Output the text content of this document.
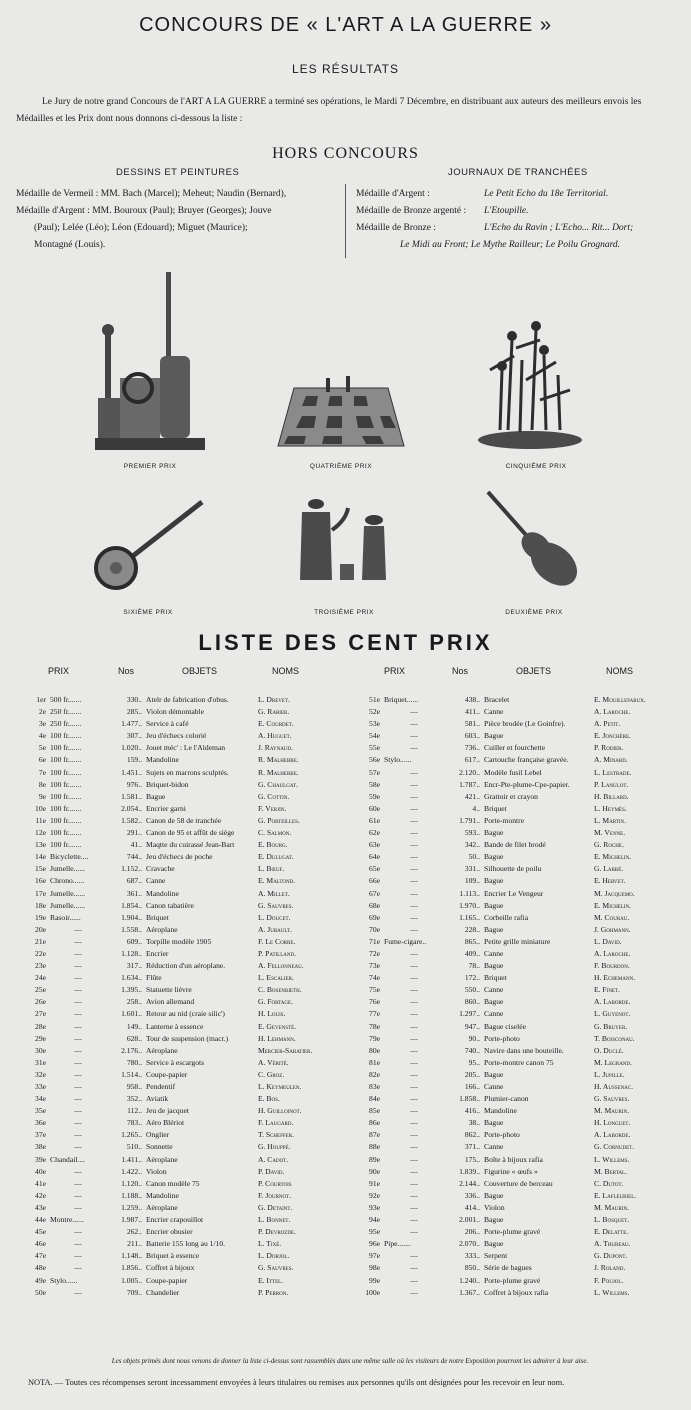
CONCOURS DE « L'ART A LA GUERRE »
LES RÉSULTATS
Le Jury de notre grand Concours de l'ART A LA GUERRE a terminé ses opérations, le Mardi 7 Décembre, en distribuant aux auteurs des meilleurs envois les Médailles et les Prix dont nous donnons ci-dessous la liste :
HORS CONCOURS
DESSINS ET PEINTURES
Médaille de Vermeil : MM. Bach (Marcel); Meheut; Naudin (Bernard),
Médaille d'Argent : MM. Bouroux (Paul); Bruyer (Georges); Jouve
(Paul); Lelée (Léo); Léon (Edouard); Miguet (Maurice);
Montagné (Louis).
JOURNAUX DE TRANCHÉES
Médaille d'Argent :	Le Petit Echo du 18e Territorial.
Médaille de Bronze argenté :	L'Etoupille.
Médaille de Bronze :	L'Echo du Ravin ; L'Echo... Rit... Dort;
Le Midi au Front; Le Mythe Railleur; Le Poilu Grognard.
PREMIER PRIX	QUATRIÈME PRIX	CINQUIÈME PRIX
SIXIÈME PRIX	TROISIÈME PRIX	DEUXIÈME PRIX
LISTE DES CENT PRIX
PRIX	Nos	OBJETS	NOMS	PRIX	Nos	OBJETS	NOMS
1er 500 fr.......	330.. Atelr de fabrication d'obus.	L. Drevet.
2e 250 fr.......	285.. Violon démontable	G. Rabier.
3e 250 fr.......	1.477.. Service à café	E. Courdet.
4e 100 fr.......	307.. Jeu d'échecs colorié	A. Huguet.
5e 100 fr.......	1.020.. Jouet méc' : Le l'Aldeman	J. Raynaud.
6e 100 fr.......	159.. Mandoline	R. Malherbe.
7e 100 fr.......	1.451.. Sujets en marrons sculptés.	R. Malherbe.
8e 100 fr.......	976.. Briquet-bidon	G. Chaulgat.
9e 100 fr.......	1.581.. Bague	G. Cottin.
10e 100 fr.......	2.054.. Encrier garni	F. Verjin.
11e 100 fr.......	1.582.. Canon de 58 de tranchée	G. Porteilles.
12e 100 fr.......	291.. Canon de 95 et affût de siège	C. Salmon.
13e 100 fr.......	41.. Maqtte du cuirassé Jean-Bart	E. Bourg.
14e Bicyclette....	744.. Jeu d'échecs de poche	E. Dulugat.
15e Jumelle......	1.152.. Cravache	L. Bœuf.
16e Chrono......	687.. Canne	E. Maltond.
17e Jumelle......	361.. Mandoline	A. Millet.
18e Jumelle......	1.854.. Canon tabatière	G. Sauvres.
19e Rasoir......	1.904.. Briquet	L. Doucet.
20e	—	1.558.. Aéroplane	A. Jubault.
21e	—	609.. Torpille modèle 1905	F. Le Corre.
22e	—	1.128.. Encrier	P. Patilland.
23e	—	317.. Réduction d'un aéroplane.	A. Fellonneau.
24e	—	1.634.. Flûte	L. Escalier.
25e	—	1.395.. Statuette lièvre	C. Bosenrieth.
26e	—	258.. Avion allemand	G. Fortage.
27e	—	1.601.. Retour au nid (craie silic')	H. Louis.
28e	—	149.. Lanterne à essence	E. Gevensté.
29e	—	628.. Tour de suspension (macr.)	H. Lehmann.
30e	—	2.176.. Aéroplane	Mercier-Sabatier.
31e	—	780.. Service à escargots	A. Vérité.
32e	—	1.514.. Coupe-papier	C. Groz.
33e	—	958.. Pendentif	L. Keymeulen.
34e	—	352.. Aviatik	E. Bos.
35e	—	112.. Jeu de jacquet	H. Guilloinot.
36e	—	783.. Aéro Blériot	F. Laugard.
37e	—	1.265.. Onglier	T. Scheffer.
38e	—	510.. Sonnette	G. Houppé.
39e Chandail....	1.411.. Aéroplane	A. Cadot.
40e	—	1.422.. Violon	P. David.
41e	—	1.120.. Canon modèle 75	P. Courtois
42e	—	1.188.. Mandoline	F. Journot.
43e	—	1.259.. Aéroplane	G. Detaint.
44e Montre......	1.987.. Encrier crapouillot	L. Bonnet.
45e	—	262.. Encrier obusier	P. Devrozde.
46e	—	211.. Batterie 155 long au 1/10.	L. Tixé.
47e	—	1.148.. Briquet à essence	L. Dorjol.
48e	—	1.856.. Coffret à bijoux	G. Sauvres.
49e Stylo......	1.005.. Coupe-papier	E. Ittel.
50e	—	709.. Chandelier	P. Perron.
51e Briquet......	438.. Bracelet	E. Mouillefarux.
52e	—	411.. Canne	A. Laroche.
53e	—	581.. Pièce brodée (Le Goinfre).	A. Petit.
54e	—	603.. Bague	E. Jonchère.
55e	—	736.. Cuiller et fourchette	P. Rodier.
56e Stylo......	617.. Cartouche française gravée.	A. Minard.
57e	—	2.120.. Modèle fusil Lebel	L. Lestrade.
58e	—	1.787.. Encr-Pte-plume-Cpe-papier.	P. Lanulot.
59e	—	421.. Grattoir et crayon	H. Billard.
60e	—	4.. Briquet	L. Heymès.
61e	—	1.791.. Porte-montre	L. Martin.
62e	—	593.. Bague	M. Venne.
63e	—	342.. Bande de filet brodé	G. Roche.
64e	—	50.. Bague	E. Michelin.
65e	—	331.. Silhouette de poilu	G. Labbé.
66e	—	109.. Bague	E. Hervet.
67e	—	1.113.. Encrier Le Vengeur	M. Jacquemo.
68e	—	1.970.. Bague	E. Michelin.
69e	—	1.165.. Corbeille rafia	M. Courau.
70e	—	228.. Bague	J. Gohmann.
71e Fume-cigare..	865.. Petite grille miniature	L. David.
72e	—	409.. Canne	A. Laroche.
73e	—	78.. Bague	F. Bourdon.
74e	—	172.. Briquet	H. Echemann.
75e	—	550.. Canne	E. Finet.
76e	—	860.. Bague	A. Laborde.
77e	—	1.297.. Canne	L. Guyenot.
78e	—	947.. Bague ciselée	G. Bruyer.
79e	—	90.. Porte-photo	T. Boisconau.
80e	—	740.. Navire dans une bouteille.	O. Duclé.
81e	—	95.. Porte-montre canon 75	M. Legrand.
82e	—	205.. Bague	L. Jupille.
83e	—	166.. Canne	H. Aussenac.
84e	—	1.858.. Plumier-canon	G. Sauvres.
85e	—	416.. Mandoline	M. Maurin.
86e	—	38.. Bague	H. Longuet.
87e	—	862.. Porte-photo	A. Laborde.
88e	—	371.. Canne	G. Cornudet.
89e	—	175.. Boîte à bijoux rafia	L. Willems.
90e	—	1.839.. Figurine « œufs »	M. Bertal.
91e	—	2.144.. Couverture de berceau	C. Dutot.
92e	—	336.. Bague	E. Lafleuriel.
93e	—	414.. Violon	M. Maurin.
94e	—	2.001.. Bague	L. Bosquet.
95e	—	206.. Porte-plume gravé	E. Delatte.
96e Pipe.......	2.070.. Bague	A. Thureau.
97e	—	333.. Serpent	G. Dupont.
98e	—	850.. Série de bagues	J. Roland.
99e	—	1.240.. Porte-plume gravé	F. Poujol.
100e	—	1.367.. Coffret à bijoux rafia	L. Willems.
Les objets primés dont nous venons de donner la liste ci-dessus sont rassemblés dans une même salle où les visiteurs de notre Exposition pourront les admirer à leur aise.
NOTA. — Toutes ces récompenses seront incessamment envoyées à leurs titulaires ou remises aux personnes qu'ils ont désignées pour les recevoir en leur nom.
